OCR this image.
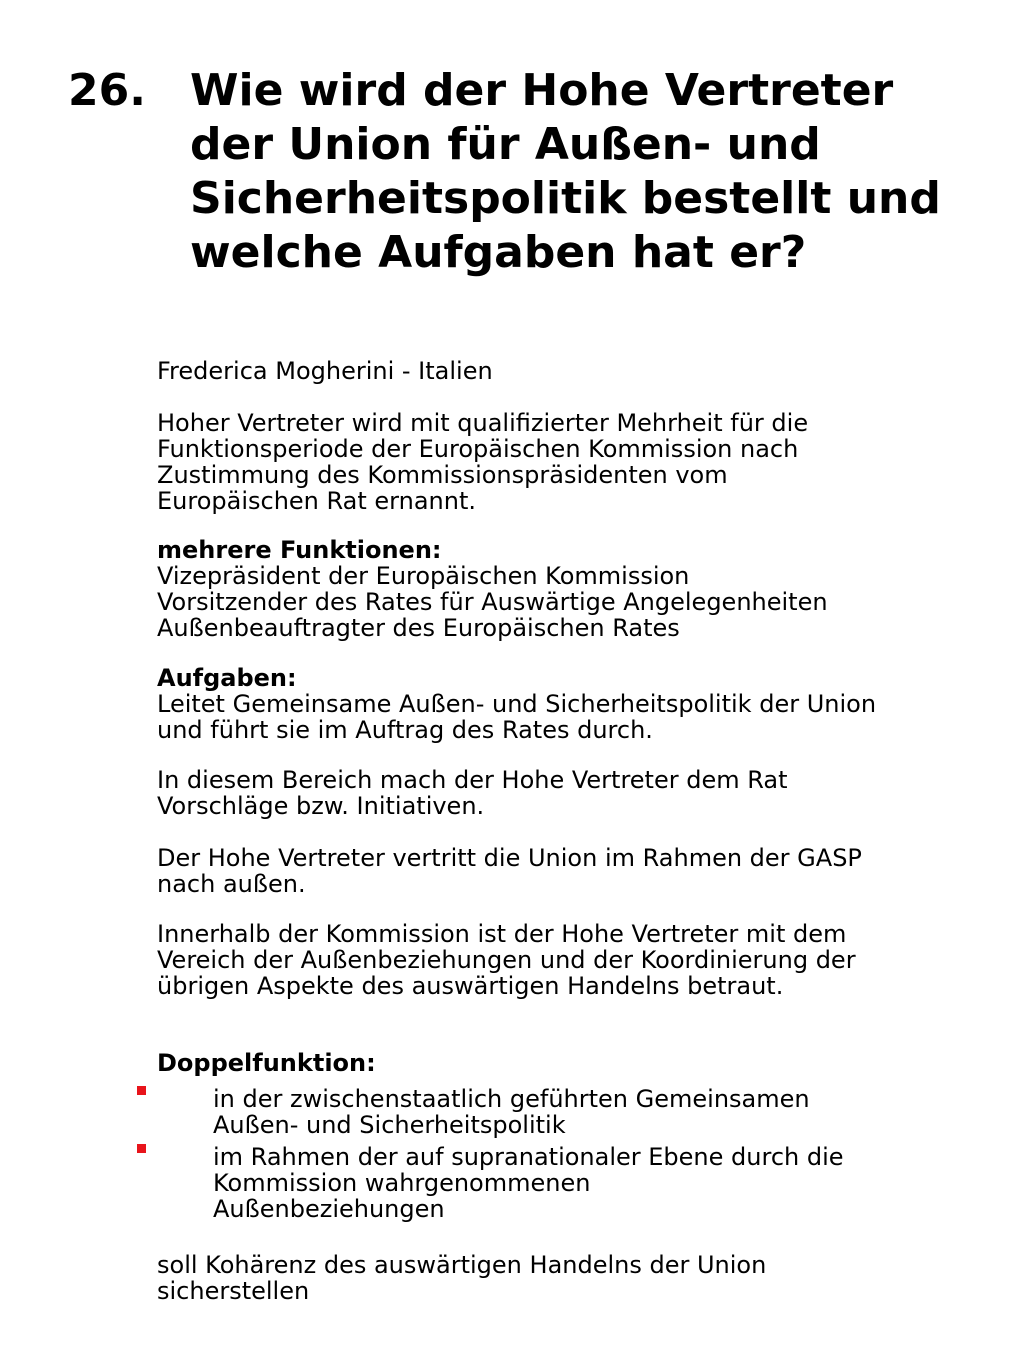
26. Wie wird der Hohe Vertreter
der Union für Außen- und
Sicherheitspolitik bestellt und
welche Aufgaben hat er?
Frederica Mogherini - Italien
Hoher Vertreter wird mit qualifizierter Mehrheit für die
Funktionsperiode der Europäischen Kommission nach
Zustimmung des Kommissionspräsidenten vom
Europäischen Rat ernannt.
mehrere Funktionen:
Vizepräsident der Europäischen Kommission
Vorsitzender des Rates für Auswärtige Angelegenheiten
Außenbeauftragter des Europäischen Rates
Aufgaben:
Leitet Gemeinsame Außen- und Sicherheitspolitik der Union
und führt sie im Auftrag des Rates durch.
In diesem Bereich mach der Hohe Vertreter dem Rat
Vorschläge bzw. Initiativen.
Der Hohe Vertreter vertritt die Union im Rahmen der GASP
nach außen.
Innerhalb der Kommission ist der Hohe Vertreter mit dem
Vereich der Außenbeziehungen und der Koordinierung der
übrigen Aspekte des auswärtigen Handelns betraut.
Doppelfunktion:
in der zwischenstaatlich geführten Gemeinsamen
Außen- und Sicherheitspolitik
im Rahmen der auf supranationaler Ebene durch die
Kommission wahrgenommenen
Außenbeziehungen
soll Kohärenz des auswärtigen Handelns der Union
sicherstellen
